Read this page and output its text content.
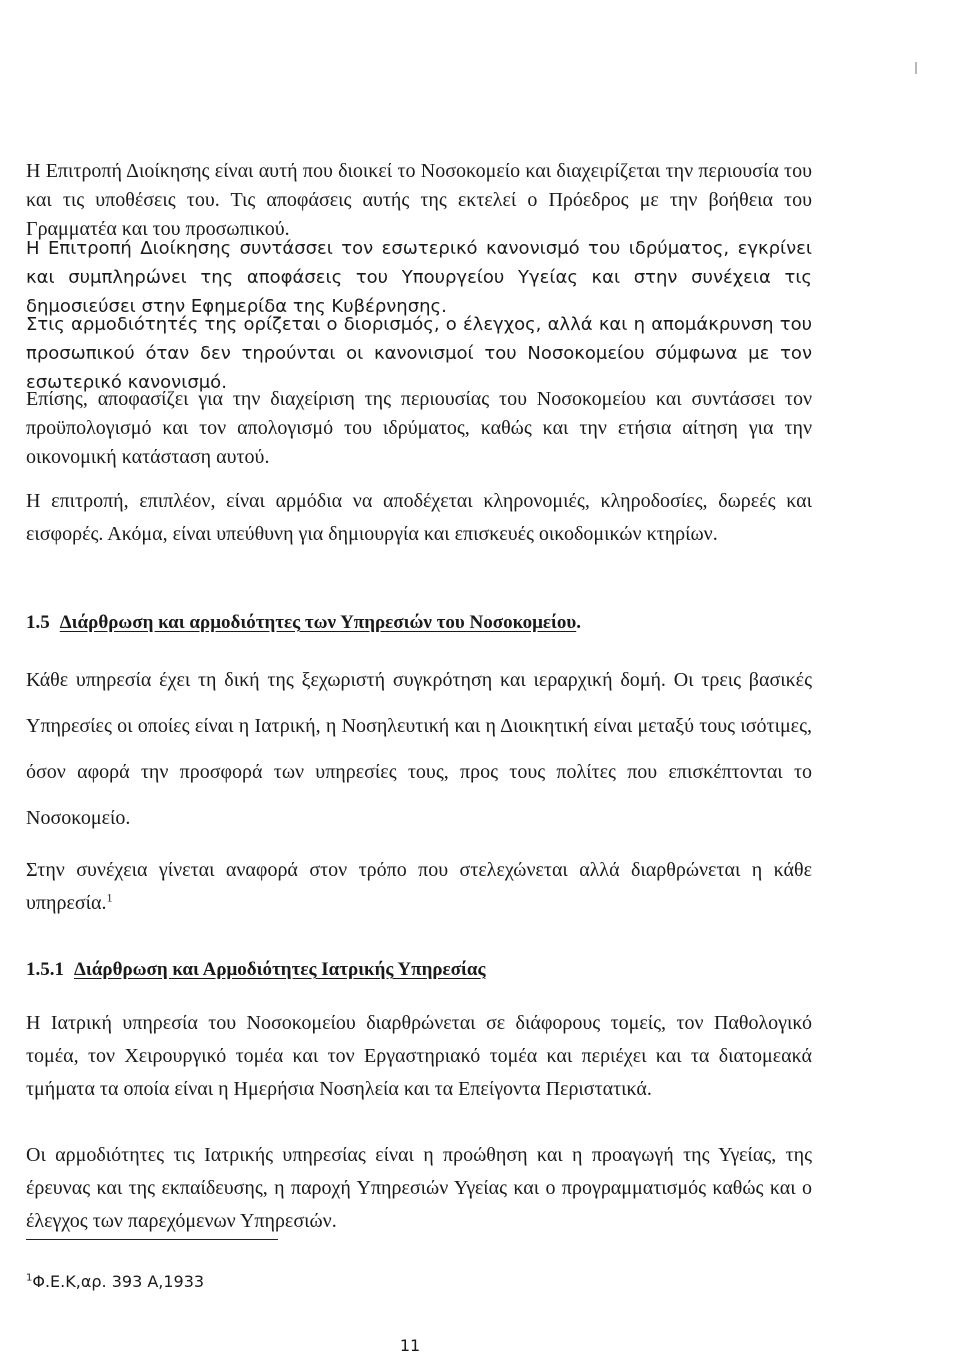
Η Επιτροπή Διοίκησης είναι αυτή που διοικεί το Νοσοκομείο και διαχειρίζεται την περιουσία του και τις υποθέσεις του. Τις αποφάσεις αυτής της εκτελεί ο Πρόεδρος με την βοήθεια του Γραμματέα και του προσωπικού.

Η Επιτροπή Διοίκησης συντάσσει τον εσωτερικό κανονισμό του ιδρύματος, εγκρίνει και συμπληρώνει της αποφάσεις του Υπουργείου Υγείας και στην συνέχεια τις δημοσιεύσει στην Εφημερίδα της Κυβέρνησης.

Στις αρμοδιότητές της ορίζεται ο διορισμός, ο έλεγχος, αλλά και η απομάκρυνση του προσωπικού όταν δεν τηρούνται οι κανονισμοί του Νοσοκομείου σύμφωνα με τον εσωτερικό κανονισμό.

Επίσης, αποφασίζει για την διαχείριση της περιουσίας του Νοσοκομείου και συντάσσει τον προϋπολογισμό και τον απολογισμό του ιδρύματος, καθώς και την ετήσια αίτηση για την οικονομική κατάσταση αυτού.

Η επιτροπή, επιπλέον, είναι αρμόδια να αποδέχεται κληρονομιές, κληροδοσίες, δωρεές και εισφορές. Ακόμα, είναι υπεύθυνη για δημιουργία και επισκευές οικοδομικών κτηρίων.

1.5 Διάρθρωση και αρμοδιότητες των Υπηρεσιών του Νοσοκομείου.

Κάθε υπηρεσία έχει τη δική της ξεχωριστή συγκρότηση και ιεραρχική δομή. Οι τρεις βασικές Υπηρεσίες οι οποίες είναι η Ιατρική, η Νοσηλευτική και η Διοικητική είναι μεταξύ τους ισότιμες, όσον αφορά την προσφορά των υπηρεσίες τους, προς τους πολίτες που επισκέπτονται το Νοσοκομείο.

Στην συνέχεια γίνεται αναφορά στον τρόπο που στελεχώνεται αλλά διαρθρώνεται η κάθε υπηρεσία.$^1$

1.5.1 Διάρθρωση και Αρμοδιότητες Ιατρικής Υπηρεσίας

Η Ιατρική υπηρεσία του Νοσοκομείου διαρθρώνεται σε διάφορους τομείς, τον Παθολογικό τομέα, τον Χειρουργικό τομέα και τον Εργαστηριακό τομέα και περιέχει και τα διατομεακά τμήματα τα οποία είναι η Ημερήσια Νοσηλεία και τα Επείγοντα Περιστατικά.

Οι αρμοδιότητες τις Ιατρικής υπηρεσίας είναι η προώθηση και η προαγωγή της Υγείας, της έρευνας και της εκπαίδευσης, η παροχή Υπηρεσιών Υγείας και ο προγραμματισμός καθώς και ο έλεγχος των παρεχόμενων Υπηρεσιών.

$^1$Φ.Ε.Κ,αρ. 393 Α,1933

11
